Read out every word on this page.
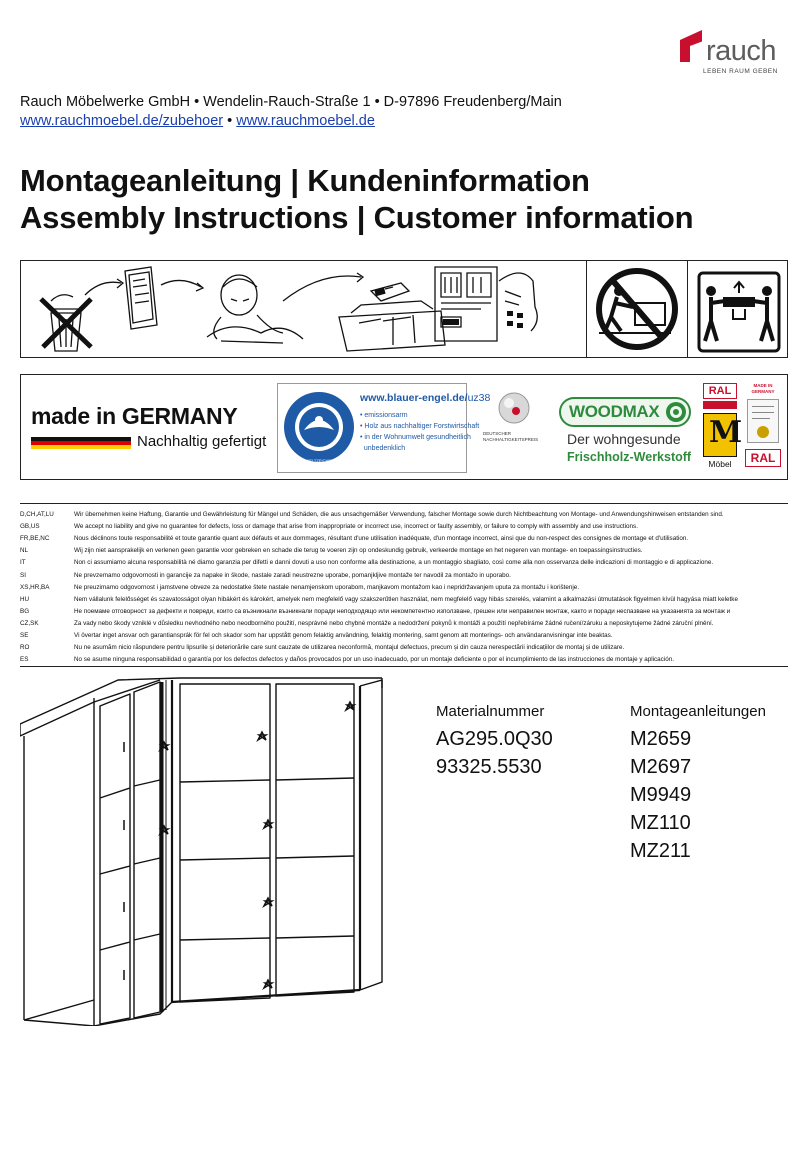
rauch
LEBEN RAUM GEBEN
Rauch Möbelwerke GmbH • Wendelin-Rauch-Straße 1 • D-97896 Freudenberg/Main
www.rauchmoebel.de/zubehoer • www.rauchmoebel.de
Montageanleitung | Kundeninformation
Assembly Instructions | Customer information
made in GERMANY
Nachhaltig gefertigt
BLAUER ENGEL
DAS UMWELTZEICHEN
www.blauer-engel.de/uz38
• emissionsarm
• Holz aus nachhaltiger Forstwirtschaft
• in der Wohnumwelt gesundheitlich
unbedenklich
DEUTSCHER
NACHHALTIGKEITSPREIS
WOODMAX
Der wohngesunde
Frischholz-Werkstoff
RAL
M
Möbel
MADE IN GERMANY
RAL
D,CH,AT,LU	Wir übernehmen keine Haftung, Garantie und Gewährleistung für Mängel und Schäden, die aus unsachgemäßer Verwendung, falscher Montage sowie durch Nichtbeachtung von Montage- und Anwendungshinweisen entstanden sind.
GB,US	We accept no liability and give no guarantee for defects, loss or damage that arise from inappropriate or incorrect use, incorrect or faulty assembly, or failure to comply with assembly and use instructions.
FR,BE,NC	Nous déclinons toute responsabilité et toute garantie quant aux défauts et aux dommages, résultant d'une utilisation inadéquate, d'un montage incorrect, ainsi que du non-respect des consignes de montage et d'utilisation.
NL	Wij zijn niet aansprakelijk en verlenen geen garantie voor gebreken en schade die terug te voeren zijn op ondeskundig gebruik, verkeerde montage en het negeren van montage- en toepassingsinstructies.
IT	Non ci assumiamo alcuna responsabilità né diamo garanzia per difetti e danni dovuti a uso non conforme alla destinazione, a un montaggio sbagliato, così come alla non osservanza delle indicazioni di montaggio e di applicazione.
SI	Ne prevzemamo odgovornosti in garancije za napake in škode, nastale zaradi neustrezne uporabe, pomanjkljive montaže ter navodil za montažo in uporabo.
XS,HR,BA	Ne preuzimamo odgovornost i jamstvene obveze za nedostatke štete nastale nenamjenskom uporabom, manjkavom montažom kao i nepridržavanjem uputa za montažu i korištenje.
HU	Nem vállalunk felelősséget és szavatosságot olyan hibákért és károkért, amelyek nem megfelelő vagy szakszerűtlen használat, nem megfelelő vagy hibás szerelés, valamint a alkalmazási útmutatások figyelmen kívül hagyása miatt keletke
BG	Не поемаме отговорност за дефекти и повреди, които са възникнали възникнали поради неподходящо или некомпетентно използване, грешен или неправилен монтаж, както и поради неспазване на указанията за монтаж и
CZ,SK	Za vady nebo škody vzniklé v důsledku nevhodného nebo neodborného použití, nesprávné nebo chybné montáže a nedodržení pokynů k montáži a použití nepřebíráme žádné ručení/záruku a neposkytujeme žádné záruční plnění.
SE	Vi övertar inget ansvar och garantiansprák för fel och skador som har uppstått genom felaktig användning, felaktig montering, samt genom att monterings- och användaranvisningar inte beaktas.
RO	Nu ne asumăm nicio răspundere pentru lipsurile și deteriorările care sunt cauzate de utilizarea neconformă, montajul defectuos, precum și din cauza nerespectării indicațiilor de montaj și de utilizare.
ES	No se asume ninguna responsabilidad o garantía por los defectos defectos y daños provocados por un uso inadecuado, por un montaje deficiente o por el incumplimiento de las instrucciones de montaje y aplicación.
Materialnummer
AG295.0Q30
93325.5530
Montageanleitungen
M2659
M2697
M9949
MZ110
MZ211
